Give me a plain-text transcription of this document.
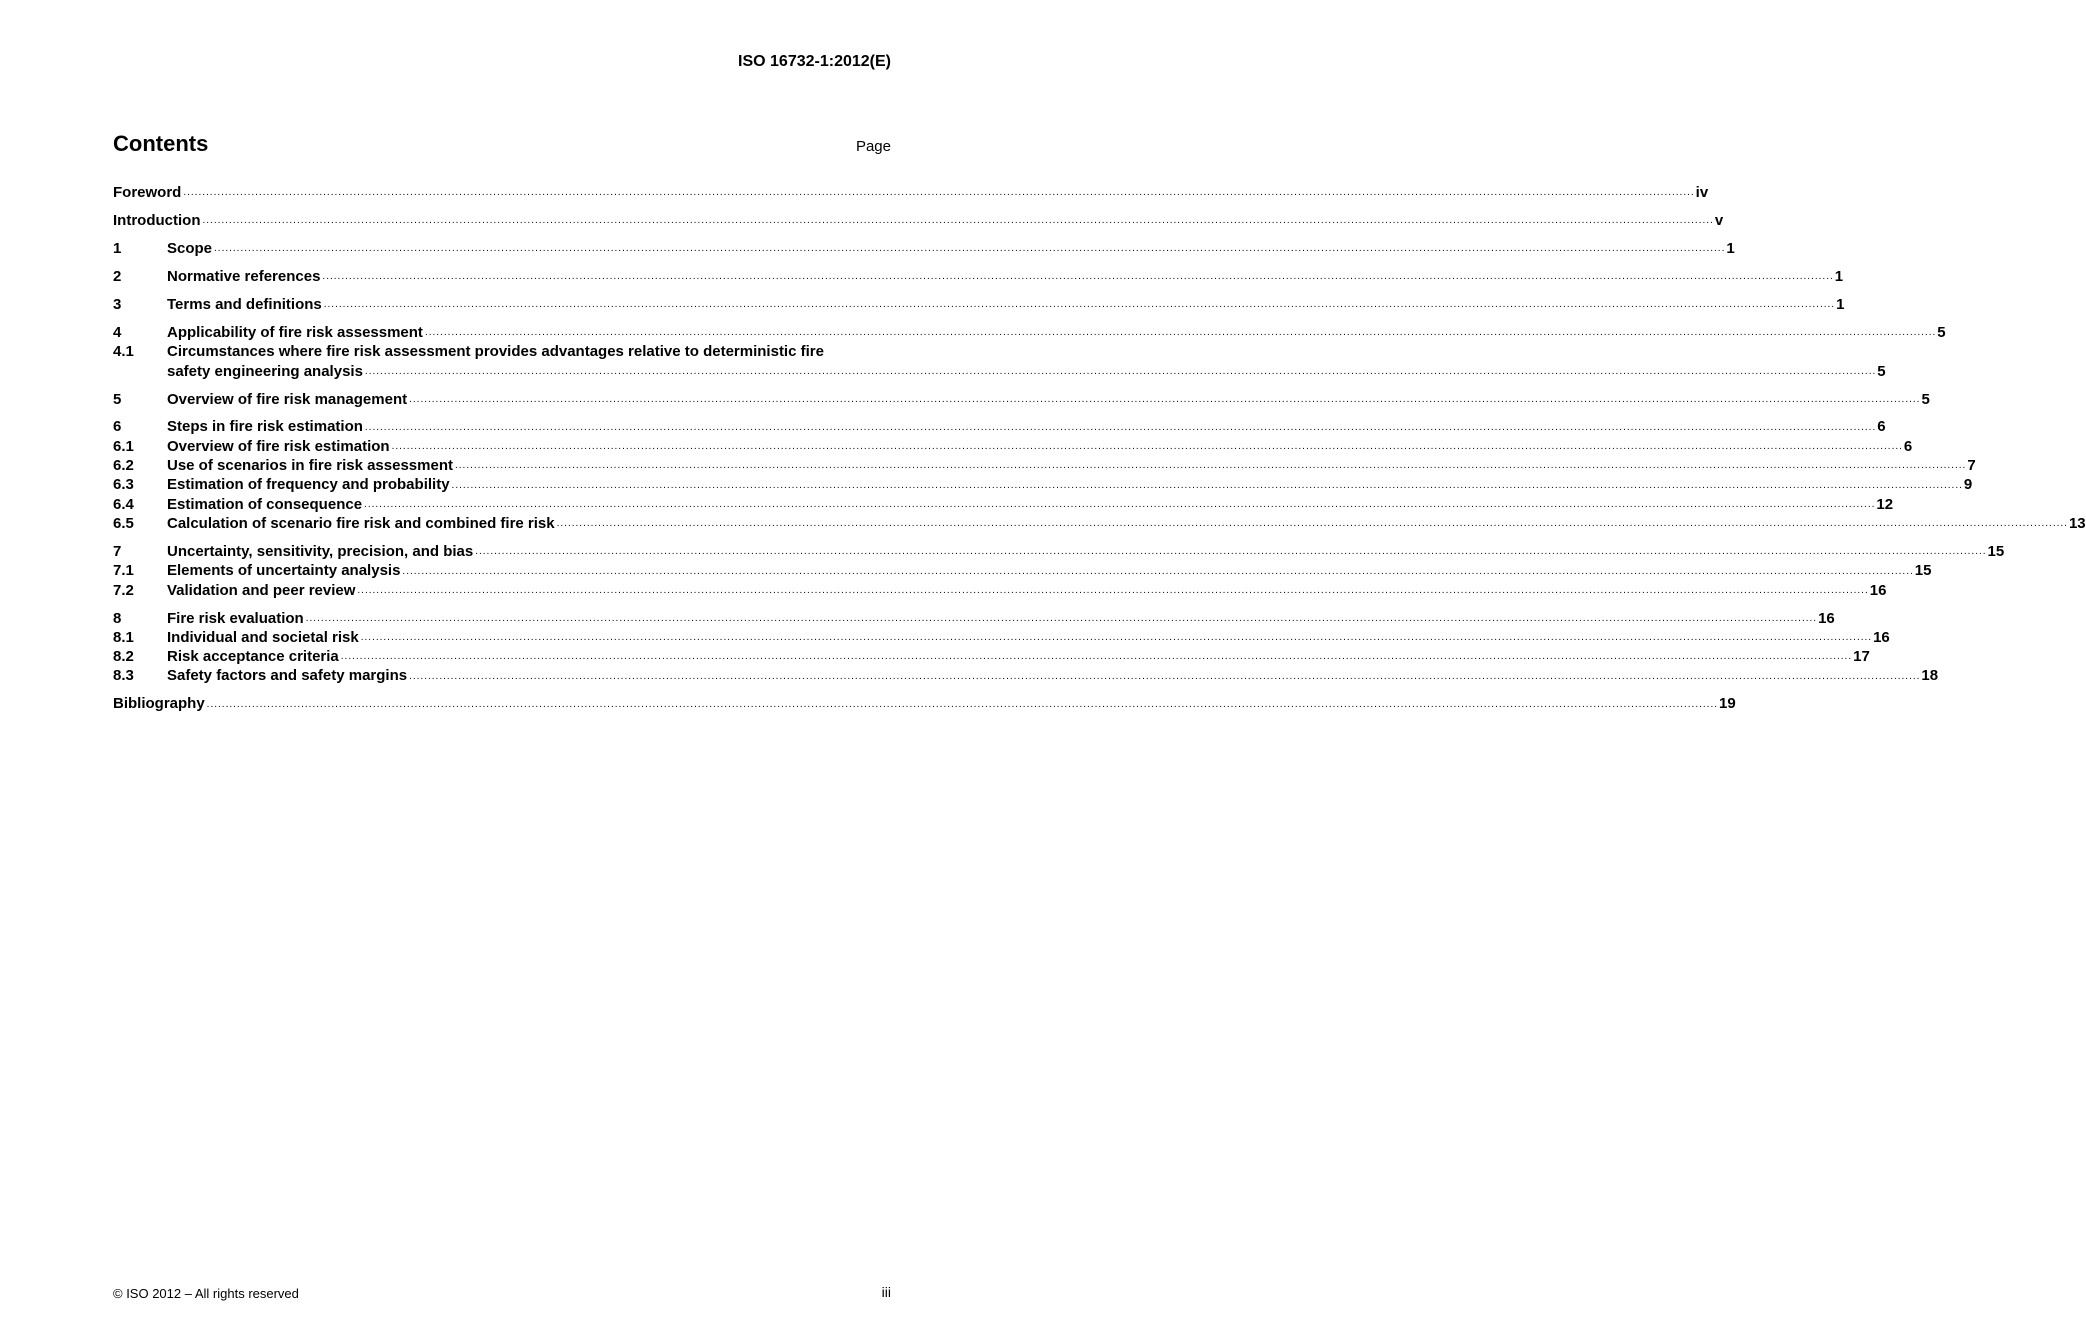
ISO 16732-1:2012(E)
Contents	Page
Foreword ................................................................................................................................................................................................................................................................................................................................................................................................................ iv
Introduction ................................................................................................................................................................................................................................................................................................................................................................................................................ v
1	Scope ................................................................................................................................................................................................................................................................................................................................................................................................................ 1
2	Normative references ................................................................................................................................................................................................................................................................................................................................................................................................................ 1
3	Terms and definitions ................................................................................................................................................................................................................................................................................................................................................................................................................ 1
4	Applicability of fire risk assessment ................................................................................................................................................................................................................................................................................................................................................................................................................ 5
4.1	Circumstances where fire risk assessment provides advantages relative to deterministic fire
safety engineering analysis ................................................................................................................................................................................................................................................................................................................................................................................................................ 5
5	Overview of fire risk management ................................................................................................................................................................................................................................................................................................................................................................................................................ 5
6	Steps in fire risk estimation ................................................................................................................................................................................................................................................................................................................................................................................................................ 6
6.1	Overview of fire risk estimation ................................................................................................................................................................................................................................................................................................................................................................................................................ 6
6.2	Use of scenarios in fire risk assessment ................................................................................................................................................................................................................................................................................................................................................................................................................ 7
6.3	Estimation of frequency and probability ................................................................................................................................................................................................................................................................................................................................................................................................................ 9
6.4	Estimation of consequence ................................................................................................................................................................................................................................................................................................................................................................................................................ 12
6.5	Calculation of scenario fire risk and combined fire risk ................................................................................................................................................................................................................................................................................................................................................................................................................ 13
7	Uncertainty, sensitivity, precision, and bias ................................................................................................................................................................................................................................................................................................................................................................................................................ 15
7.1	Elements of uncertainty analysis ................................................................................................................................................................................................................................................................................................................................................................................................................ 15
7.2	Validation and peer review ................................................................................................................................................................................................................................................................................................................................................................................................................ 16
8	Fire risk evaluation ................................................................................................................................................................................................................................................................................................................................................................................................................ 16
8.1	Individual and societal risk ................................................................................................................................................................................................................................................................................................................................................................................................................ 16
8.2	Risk acceptance criteria ................................................................................................................................................................................................................................................................................................................................................................................................................ 17
8.3	Safety factors and safety margins ................................................................................................................................................................................................................................................................................................................................................................................................................ 18
Bibliography ................................................................................................................................................................................................................................................................................................................................................................................................................ 19
© ISO 2012 – All rights reserved	iii
